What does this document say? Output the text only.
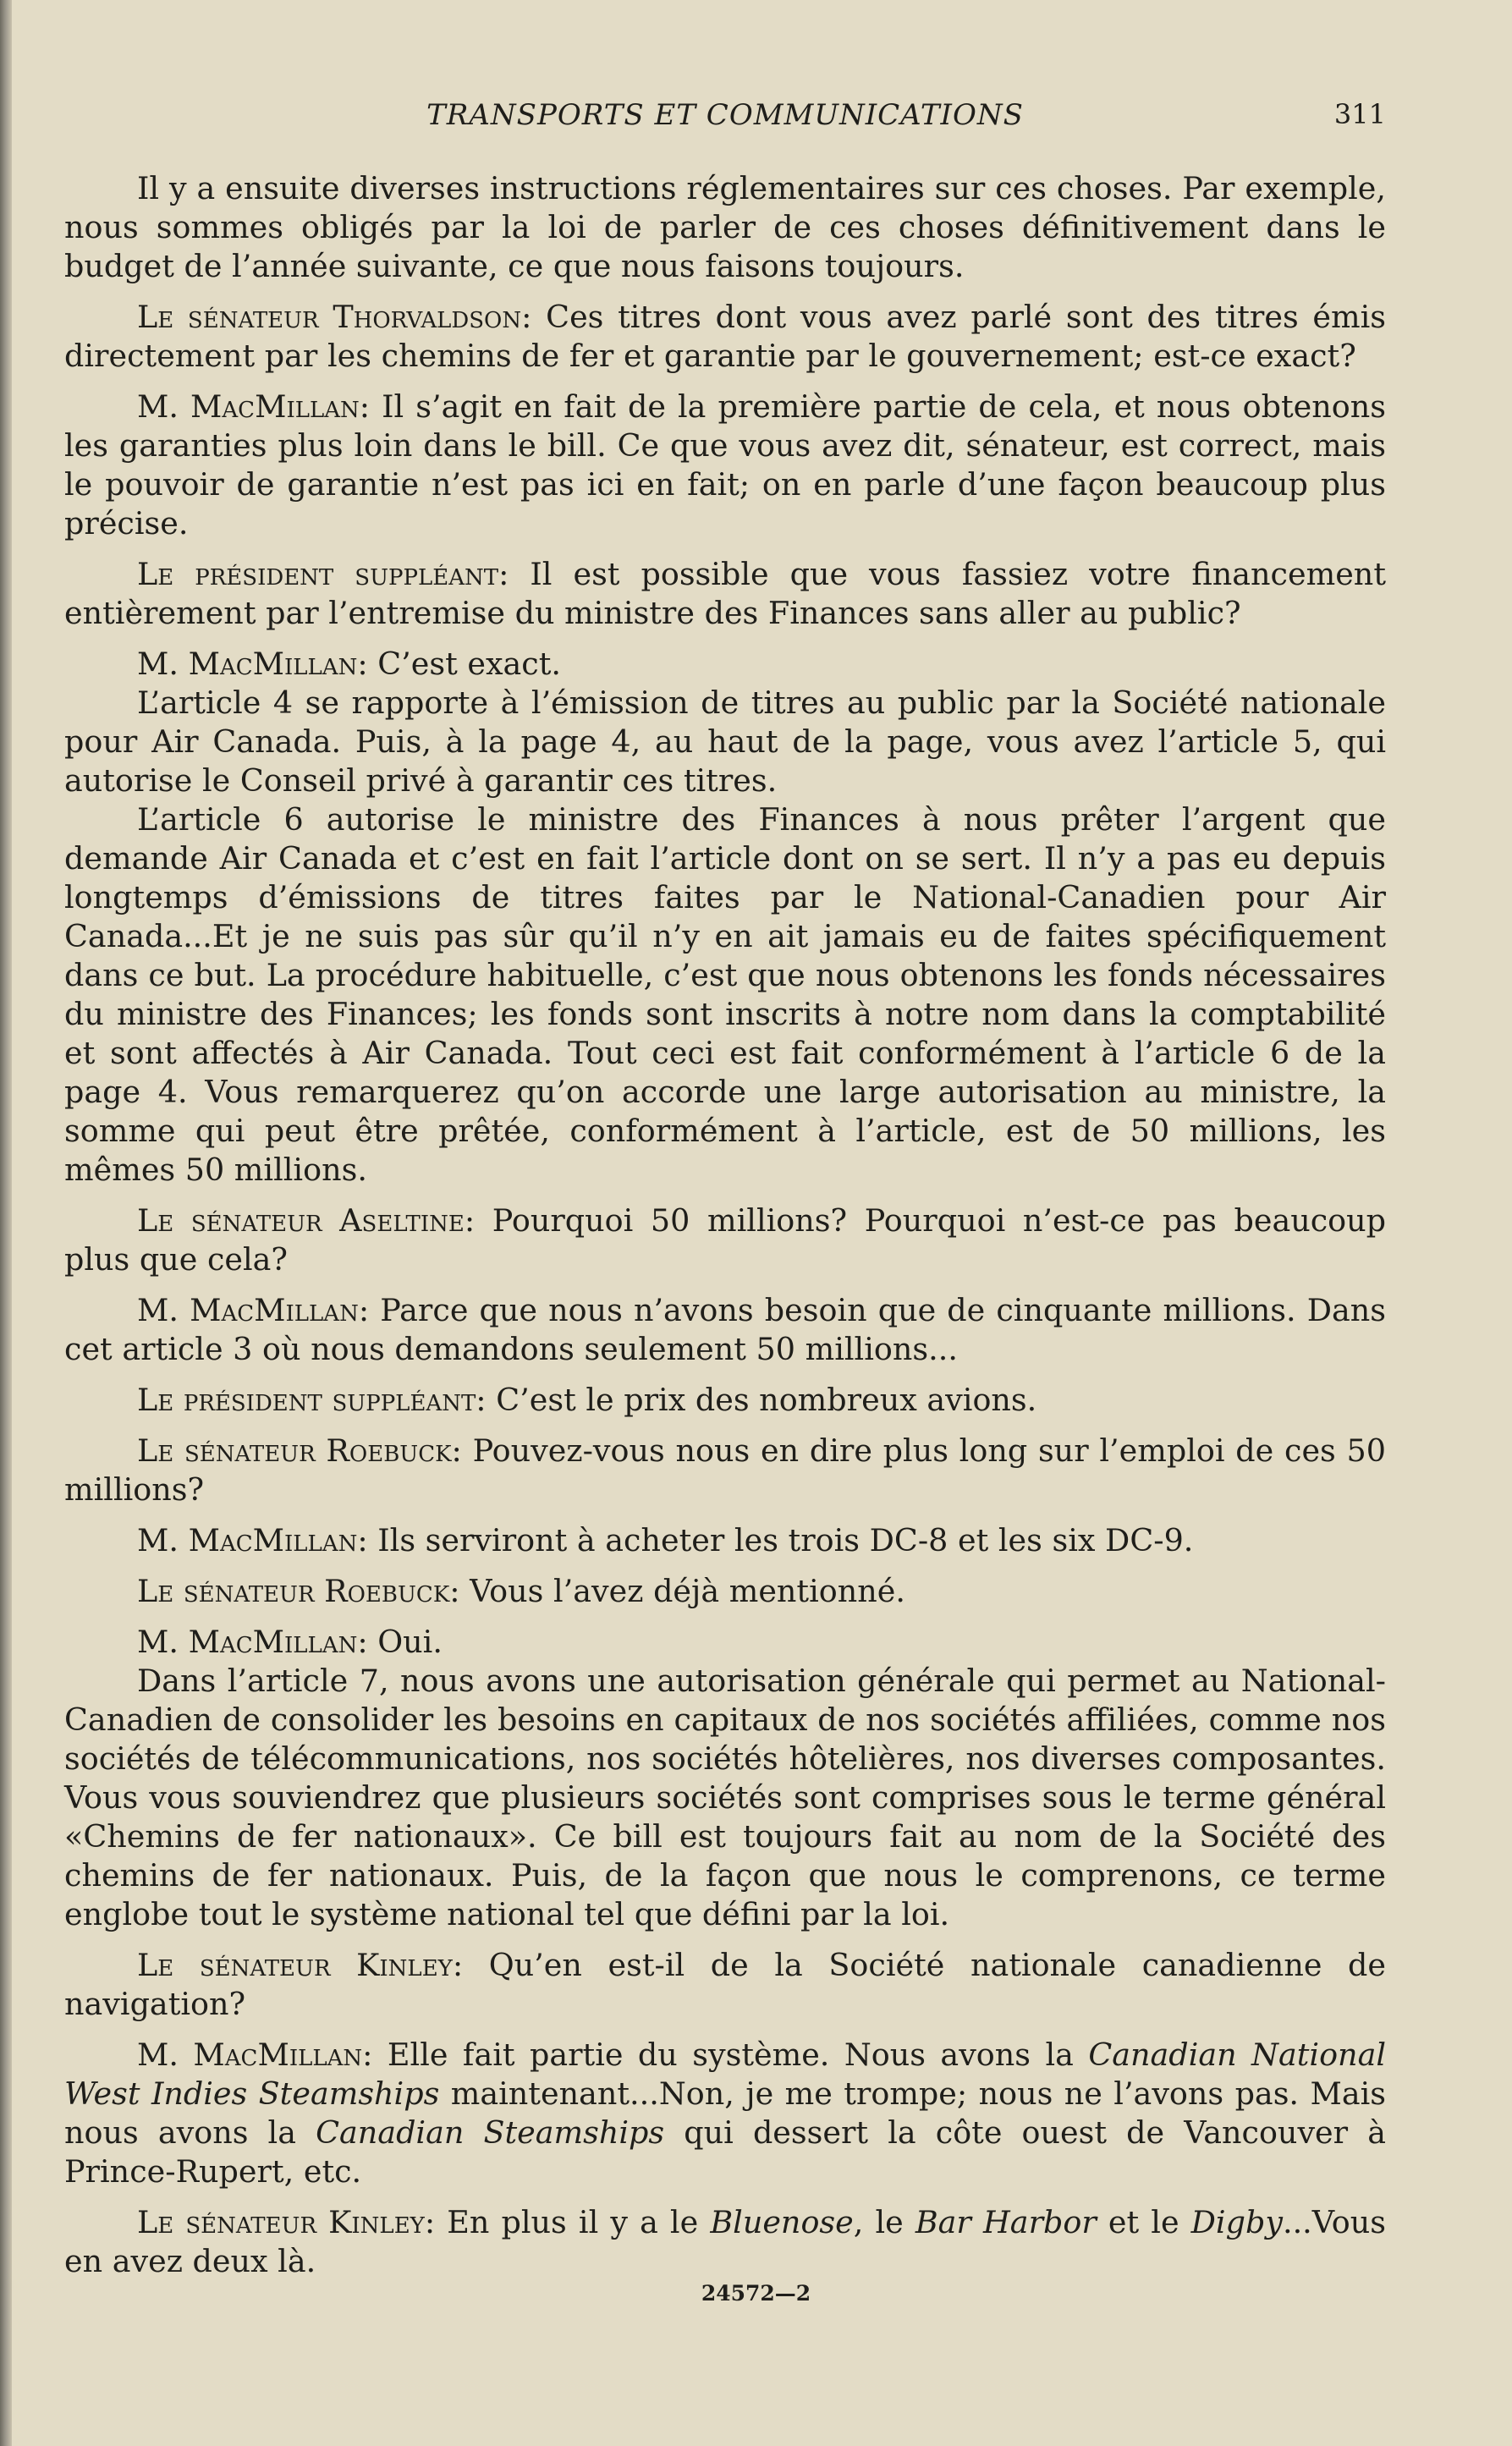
TRANSPORTS ET COMMUNICATIONS	311

Il y a ensuite diverses instructions réglementaires sur ces choses. Par exemple, nous sommes obligés par la loi de parler de ces choses définitivement dans le budget de l’année suivante, ce que nous faisons toujours.

Le sénateur Thorvaldson: Ces titres dont vous avez parlé sont des titres émis directement par les chemins de fer et garantie par le gouvernement; est-ce exact?

M. MacMillan: Il s’agit en fait de la première partie de cela, et nous obtenons les garanties plus loin dans le bill. Ce que vous avez dit, sénateur, est correct, mais le pouvoir de garantie n’est pas ici en fait; on en parle d’une façon beaucoup plus précise.

Le président suppléant: Il est possible que vous fassiez votre financement entièrement par l’entremise du ministre des Finances sans aller au public?

M. MacMillan: C’est exact.

L’article 4 se rapporte à l’émission de titres au public par la Société nationale pour Air Canada. Puis, à la page 4, au haut de la page, vous avez l’article 5, qui autorise le Conseil privé à garantir ces titres.

L’article 6 autorise le ministre des Finances à nous prêter l’argent que demande Air Canada et c’est en fait l’article dont on se sert. Il n’y a pas eu depuis longtemps d’émissions de titres faites par le National-Canadien pour Air Canada...Et je ne suis pas sûr qu’il n’y en ait jamais eu de faites spécifiquement dans ce but. La procédure habituelle, c’est que nous obtenons les fonds nécessaires du ministre des Finances; les fonds sont inscrits à notre nom dans la comptabilité et sont affectés à Air Canada. Tout ceci est fait conformément à l’article 6 de la page 4. Vous remarquerez qu’on accorde une large autorisation au ministre, la somme qui peut être prêtée, conformément à l’article, est de 50 millions, les mêmes 50 millions.

Le sénateur Aseltine: Pourquoi 50 millions? Pourquoi n’est-ce pas beaucoup plus que cela?

M. MacMillan: Parce que nous n’avons besoin que de cinquante millions. Dans cet article 3 où nous demandons seulement 50 millions...

Le président suppléant: C’est le prix des nombreux avions.

Le sénateur Roebuck: Pouvez-vous nous en dire plus long sur l’emploi de ces 50 millions?

M. MacMillan: Ils serviront à acheter les trois DC-8 et les six DC-9.

Le sénateur Roebuck: Vous l’avez déjà mentionné.

M. MacMillan: Oui.

Dans l’article 7, nous avons une autorisation générale qui permet au National-Canadien de consolider les besoins en capitaux de nos sociétés affiliées, comme nos sociétés de télécommunications, nos sociétés hôtelières, nos diverses composantes. Vous vous souviendrez que plusieurs sociétés sont comprises sous le terme général «Chemins de fer nationaux». Ce bill est toujours fait au nom de la Société des chemins de fer nationaux. Puis, de la façon que nous le comprenons, ce terme englobe tout le système national tel que défini par la loi.

Le sénateur Kinley: Qu’en est-il de la Société nationale canadienne de navigation?

M. MacMillan: Elle fait partie du système. Nous avons la Canadian National West Indies Steamships maintenant...Non, je me trompe; nous ne l’avons pas. Mais nous avons la Canadian Steamships qui dessert la côte ouest de Vancouver à Prince-Rupert, etc.

Le sénateur Kinley: En plus il y a le Bluenose, le Bar Harbor et le Digby...Vous en avez deux là.

24572—2
